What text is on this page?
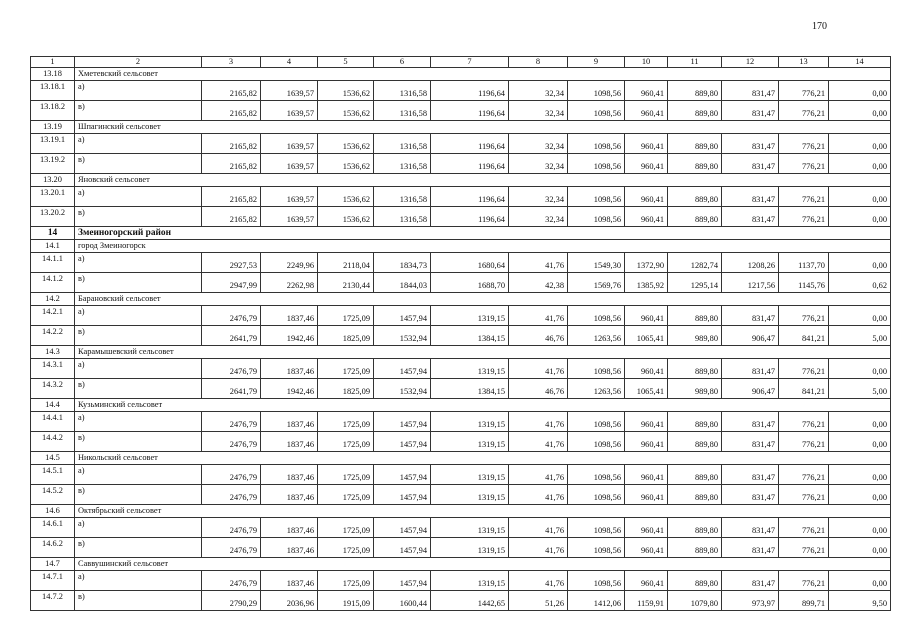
170
1	2	3	4	5	6	7	8	9	10	11	12	13	14
13.18	Хметевский сельсовет												
13.18.1	а)	2165,82	1639,57	1536,62	1316,58	1196,64	32,34	1098,56	960,41	889,80	831,47	776,21	0,00
13.18.2	в)	2165,82	1639,57	1536,62	1316,58	1196,64	32,34	1098,56	960,41	889,80	831,47	776,21	0,00
13.19	Шпагинский сельсовет												
13.19.1	а)	2165,82	1639,57	1536,62	1316,58	1196,64	32,34	1098,56	960,41	889,80	831,47	776,21	0,00
13.19.2	в)	2165,82	1639,57	1536,62	1316,58	1196,64	32,34	1098,56	960,41	889,80	831,47	776,21	0,00
13.20	Яновский сельсовет												
13.20.1	а)	2165,82	1639,57	1536,62	1316,58	1196,64	32,34	1098,56	960,41	889,80	831,47	776,21	0,00
13.20.2	в)	2165,82	1639,57	1536,62	1316,58	1196,64	32,34	1098,56	960,41	889,80	831,47	776,21	0,00
14	Змеиногорский район												
14.1	город Змеиногорск												
14.1.1	а)	2927,53	2249,96	2118,04	1834,73	1680,64	41,76	1549,30	1372,90	1282,74	1208,26	1137,70	0,00
14.1.2	в)	2947,99	2262,98	2130,44	1844,03	1688,70	42,38	1569,76	1385,92	1295,14	1217,56	1145,76	0,62
14.2	Барановский сельсовет												
14.2.1	а)	2476,79	1837,46	1725,09	1457,94	1319,15	41,76	1098,56	960,41	889,80	831,47	776,21	0,00
14.2.2	в)	2641,79	1942,46	1825,09	1532,94	1384,15	46,76	1263,56	1065,41	989,80	906,47	841,21	5,00
14.3	Карамышевский сельсовет												
14.3.1	а)	2476,79	1837,46	1725,09	1457,94	1319,15	41,76	1098,56	960,41	889,80	831,47	776,21	0,00
14.3.2	в)	2641,79	1942,46	1825,09	1532,94	1384,15	46,76	1263,56	1065,41	989,80	906,47	841,21	5,00
14.4	Кузьминский сельсовет												
14.4.1	а)	2476,79	1837,46	1725,09	1457,94	1319,15	41,76	1098,56	960,41	889,80	831,47	776,21	0,00
14.4.2	в)	2476,79	1837,46	1725,09	1457,94	1319,15	41,76	1098,56	960,41	889,80	831,47	776,21	0,00
14.5	Никольский сельсовет												
14.5.1	а)	2476,79	1837,46	1725,09	1457,94	1319,15	41,76	1098,56	960,41	889,80	831,47	776,21	0,00
14.5.2	в)	2476,79	1837,46	1725,09	1457,94	1319,15	41,76	1098,56	960,41	889,80	831,47	776,21	0,00
14.6	Октябрьский сельсовет												
14.6.1	а)	2476,79	1837,46	1725,09	1457,94	1319,15	41,76	1098,56	960,41	889,80	831,47	776,21	0,00
14.6.2	в)	2476,79	1837,46	1725,09	1457,94	1319,15	41,76	1098,56	960,41	889,80	831,47	776,21	0,00
14.7	Саввушинский сельсовет												
14.7.1	а)	2476,79	1837,46	1725,09	1457,94	1319,15	41,76	1098,56	960,41	889,80	831,47	776,21	0,00
14.7.2	в)	2790,29	2036,96	1915,09	1600,44	1442,65	51,26	1412,06	1159,91	1079,80	973,97	899,71	9,50
